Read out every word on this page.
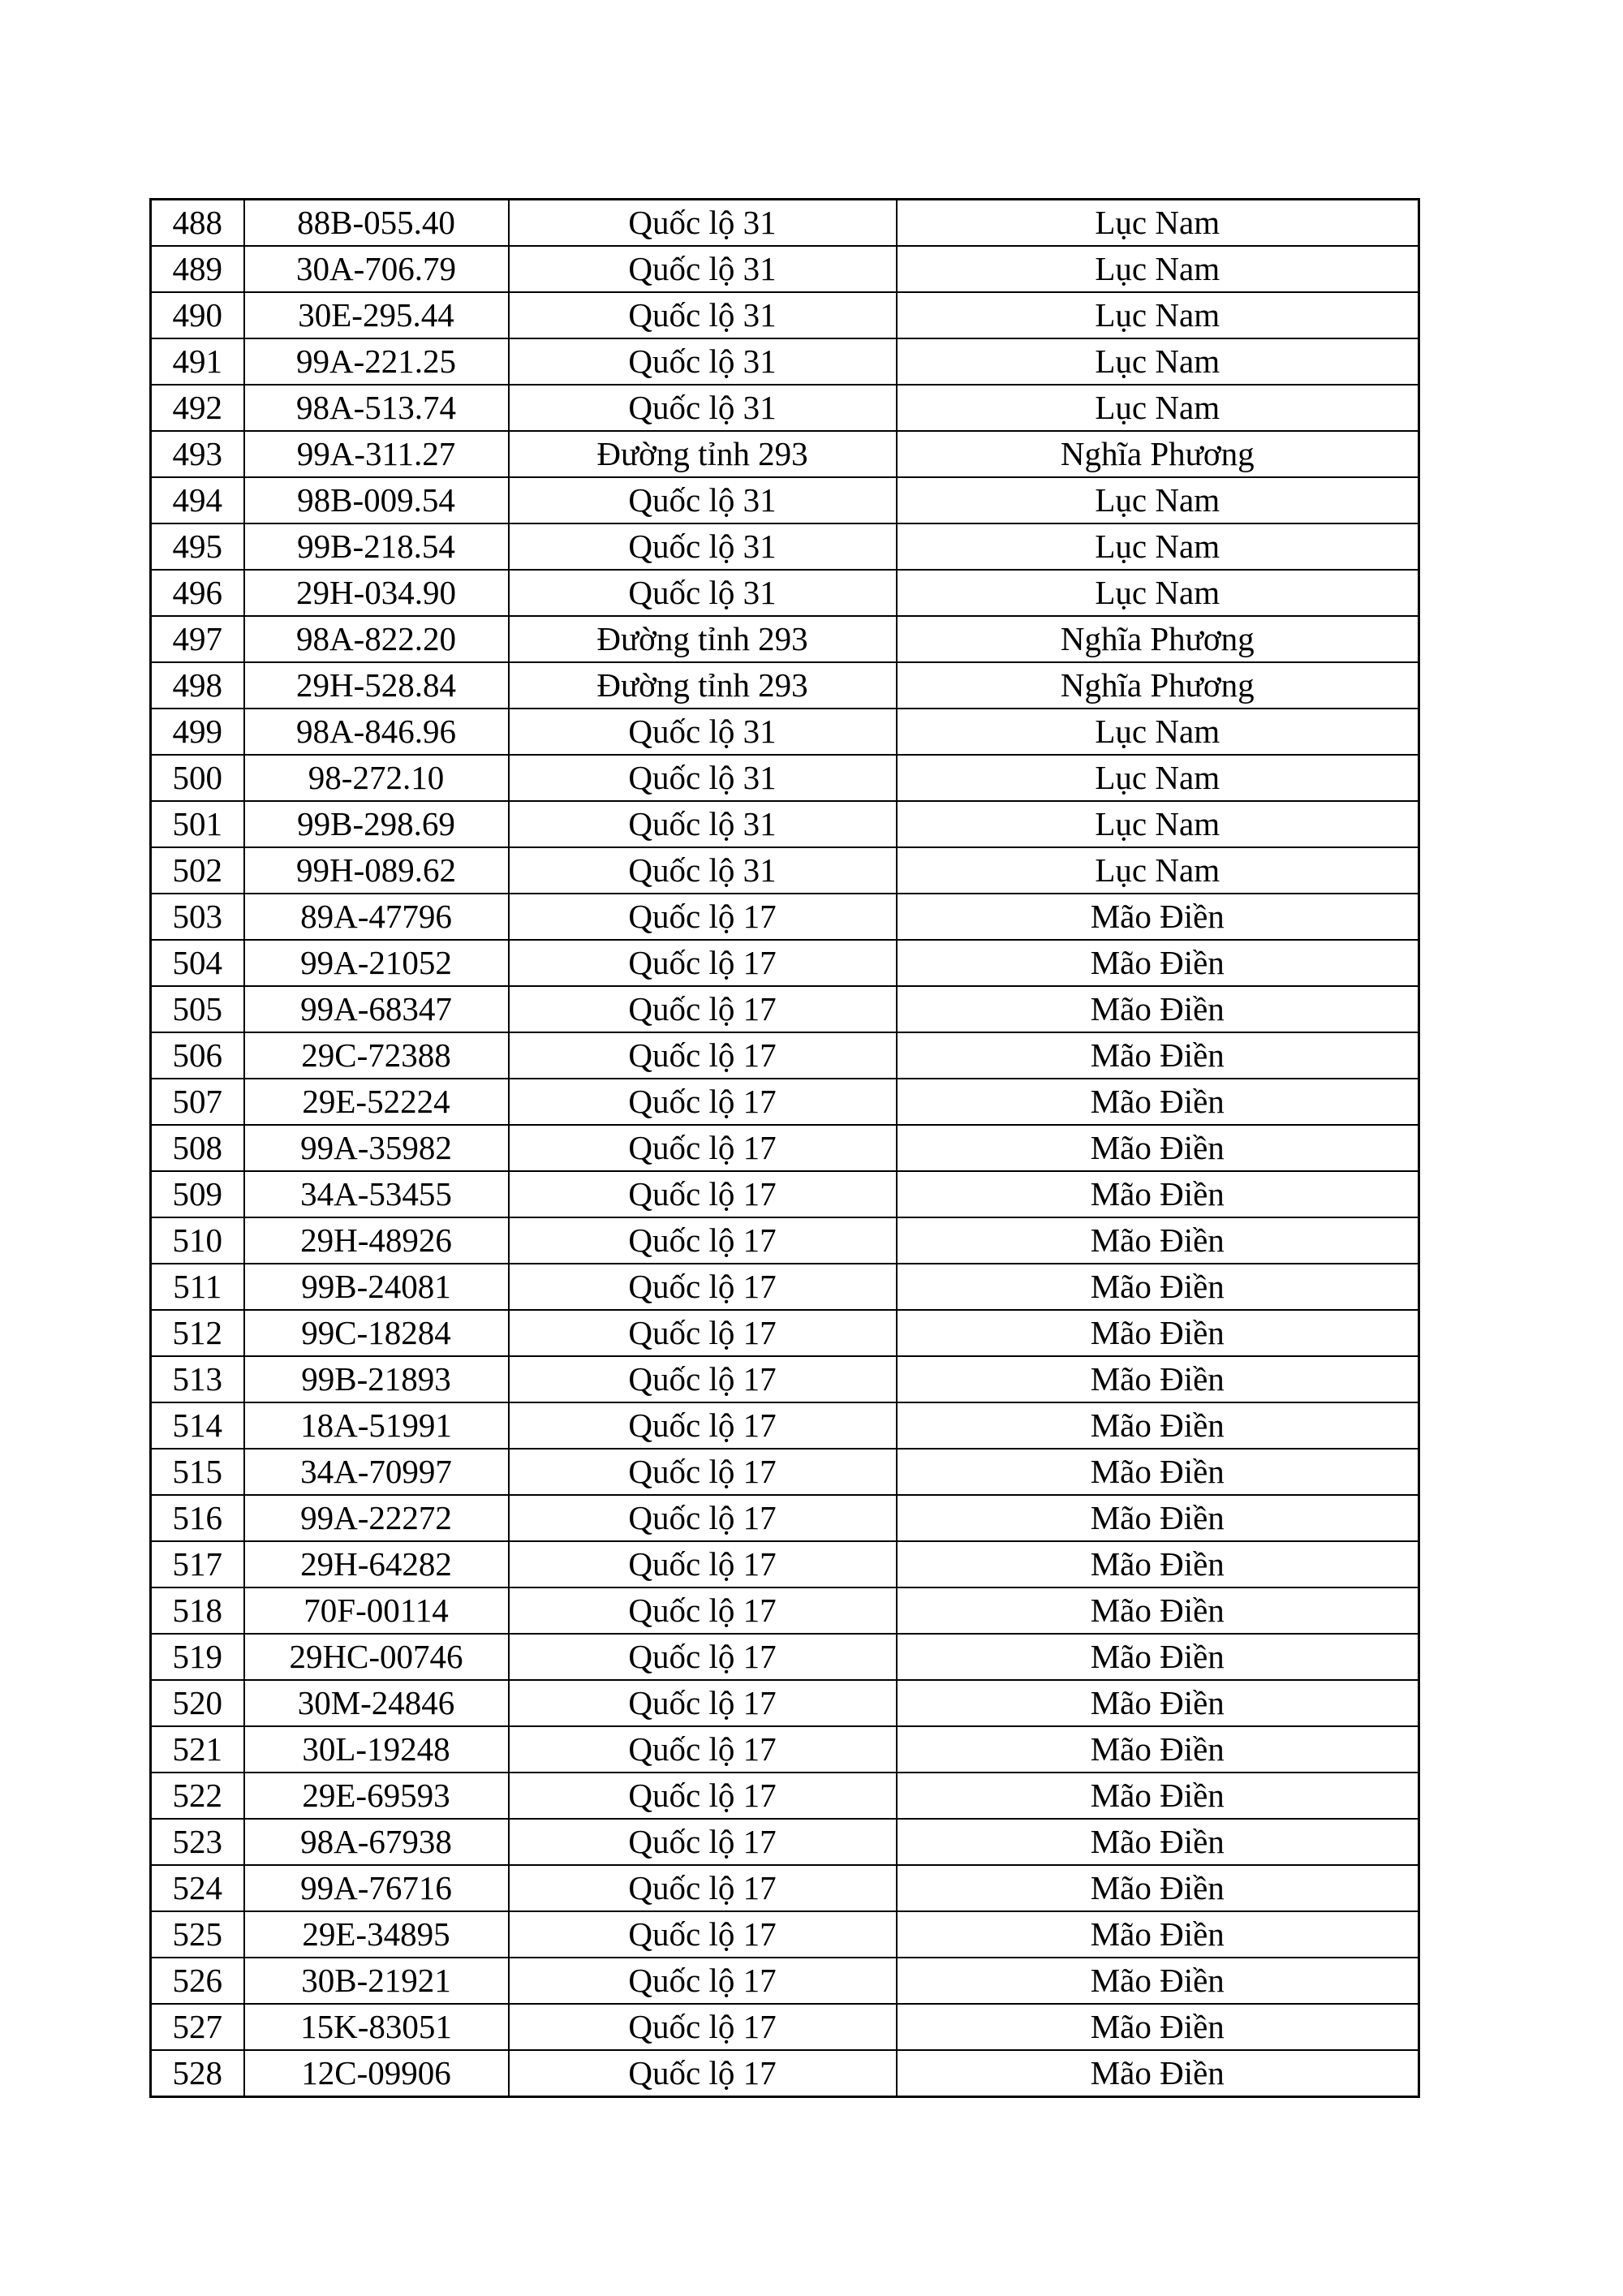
488	88B-055.40	Quốc lộ 31	Lục Nam
489	30A-706.79	Quốc lộ 31	Lục Nam
490	30E-295.44	Quốc lộ 31	Lục Nam
491	99A-221.25	Quốc lộ 31	Lục Nam
492	98A-513.74	Quốc lộ 31	Lục Nam
493	99A-311.27	Đường tỉnh 293	Nghĩa Phương
494	98B-009.54	Quốc lộ 31	Lục Nam
495	99B-218.54	Quốc lộ 31	Lục Nam
496	29H-034.90	Quốc lộ 31	Lục Nam
497	98A-822.20	Đường tỉnh 293	Nghĩa Phương
498	29H-528.84	Đường tỉnh 293	Nghĩa Phương
499	98A-846.96	Quốc lộ 31	Lục Nam
500	98-272.10	Quốc lộ 31	Lục Nam
501	99B-298.69	Quốc lộ 31	Lục Nam
502	99H-089.62	Quốc lộ 31	Lục Nam
503	89A-47796	Quốc lộ 17	Mão Điền
504	99A-21052	Quốc lộ 17	Mão Điền
505	99A-68347	Quốc lộ 17	Mão Điền
506	29C-72388	Quốc lộ 17	Mão Điền
507	29E-52224	Quốc lộ 17	Mão Điền
508	99A-35982	Quốc lộ 17	Mão Điền
509	34A-53455	Quốc lộ 17	Mão Điền
510	29H-48926	Quốc lộ 17	Mão Điền
511	99B-24081	Quốc lộ 17	Mão Điền
512	99C-18284	Quốc lộ 17	Mão Điền
513	99B-21893	Quốc lộ 17	Mão Điền
514	18A-51991	Quốc lộ 17	Mão Điền
515	34A-70997	Quốc lộ 17	Mão Điền
516	99A-22272	Quốc lộ 17	Mão Điền
517	29H-64282	Quốc lộ 17	Mão Điền
518	70F-00114	Quốc lộ 17	Mão Điền
519	29HC-00746	Quốc lộ 17	Mão Điền
520	30M-24846	Quốc lộ 17	Mão Điền
521	30L-19248	Quốc lộ 17	Mão Điền
522	29E-69593	Quốc lộ 17	Mão Điền
523	98A-67938	Quốc lộ 17	Mão Điền
524	99A-76716	Quốc lộ 17	Mão Điền
525	29E-34895	Quốc lộ 17	Mão Điền
526	30B-21921	Quốc lộ 17	Mão Điền
527	15K-83051	Quốc lộ 17	Mão Điền
528	12C-09906	Quốc lộ 17	Mão Điền
